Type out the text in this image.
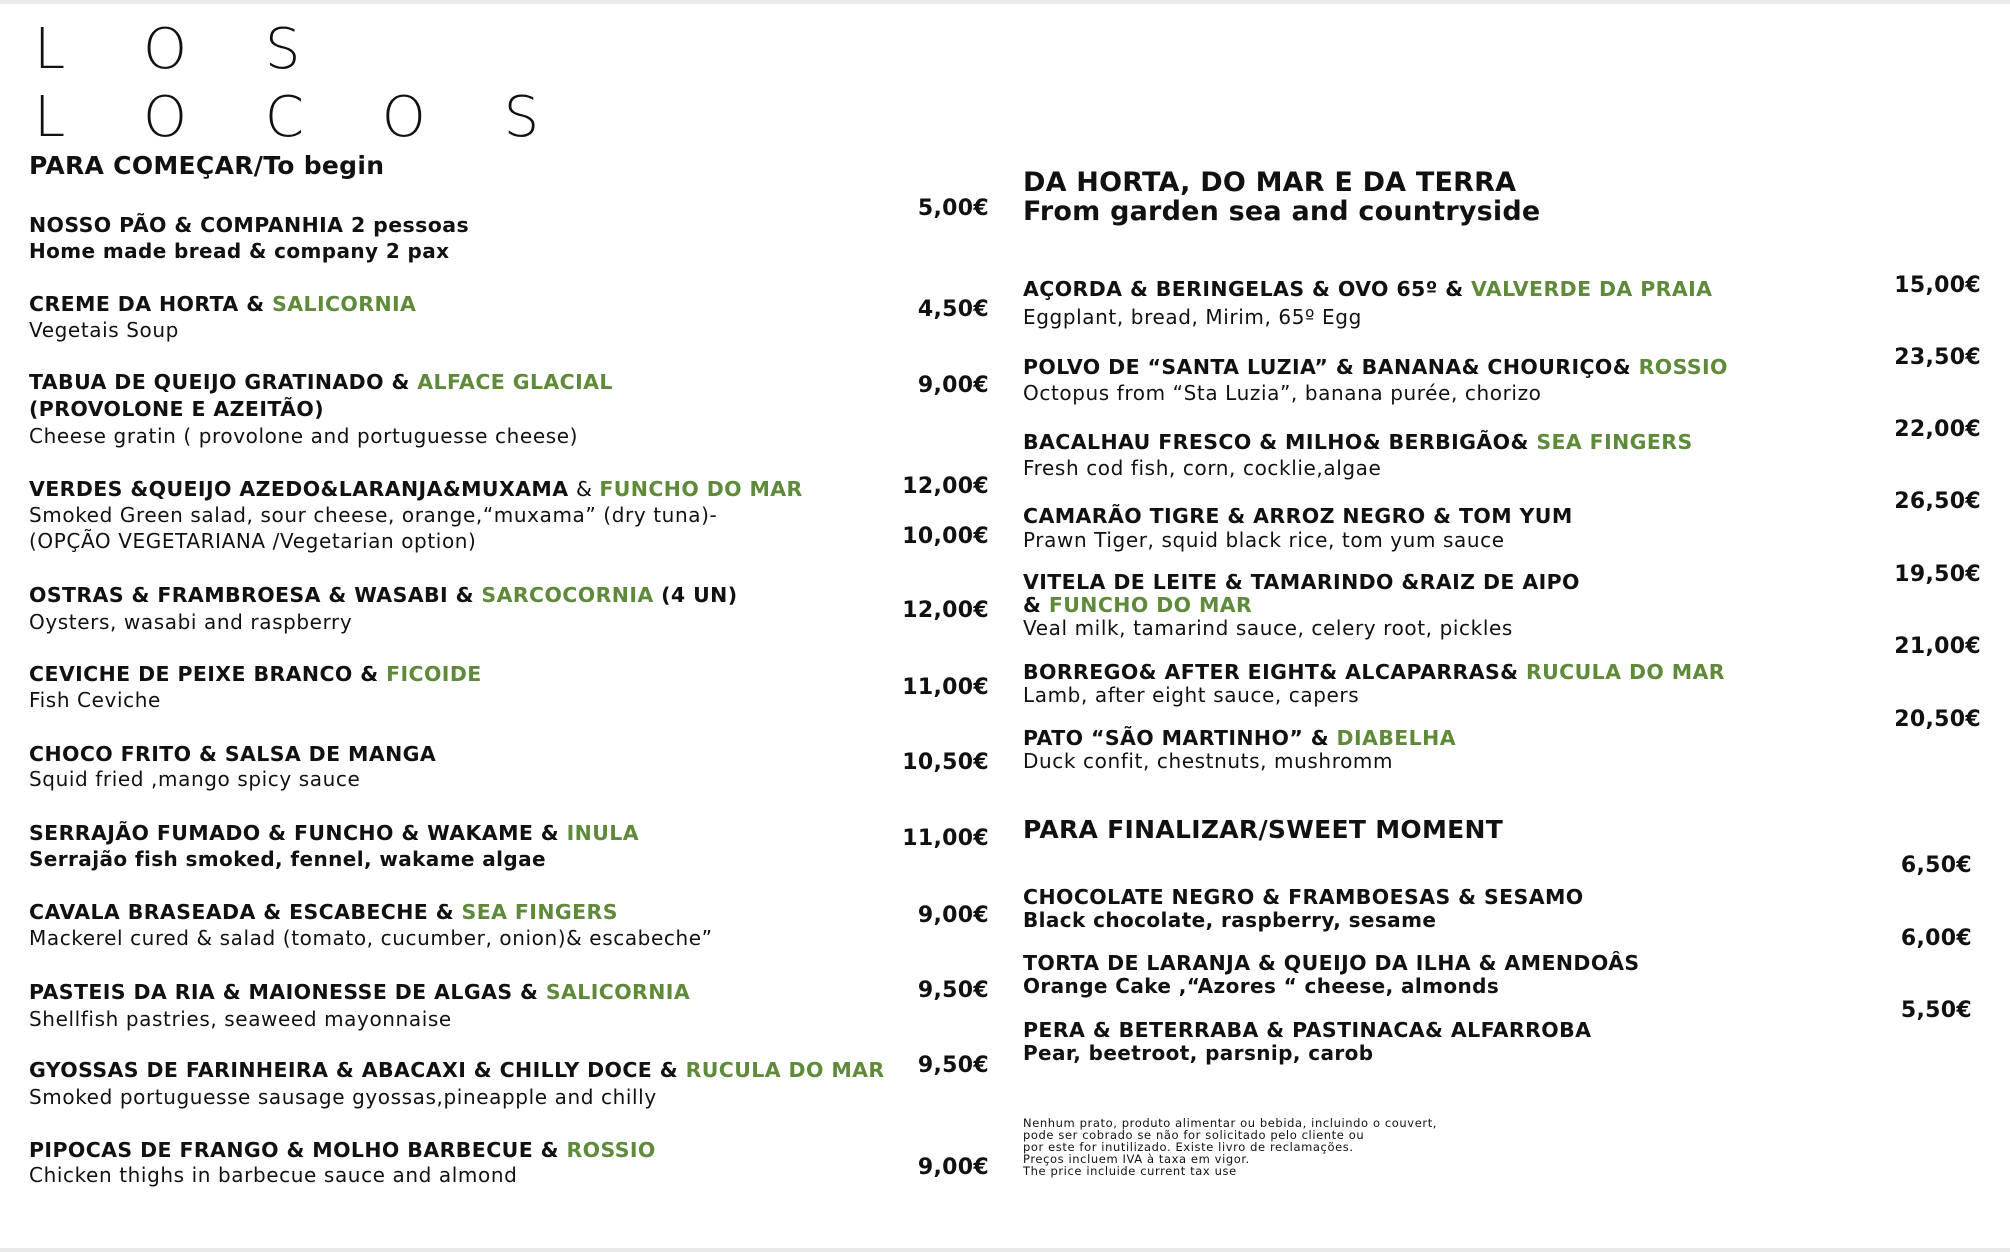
L O S
L O C O S
PARA COMEÇAR/To begin
NOSSO PÃO & COMPANHIA 2 pessoas
Home made bread & company 2 pax
5,00€
CREME DA HORTA & SALICORNIA
Vegetais Soup
4,50€
TABUA DE QUEIJO GRATINADO & ALFACE GLACIAL
(PROVOLONE E AZEITÃO)
Cheese gratin ( provolone and portuguesse cheese)
9,00€
VERDES &QUEIJO AZEDO&LARANJA&MUXAMA & FUNCHO DO MAR
Smoked Green salad, sour cheese, orange,“muxama” (dry tuna)-
(OPÇÃO VEGETARIANA /Vegetarian option)
12,00€
10,00€
OSTRAS & FRAMBROESA & WASABI & SARCOCORNIA (4 UN)
Oysters, wasabi and raspberry	12,00€
CEVICHE DE PEIXE BRANCO & FICOIDE
Fish Ceviche	11,00€
CHOCO FRITO & SALSA DE MANGA
Squid fried ,mango spicy sauce
10,50€
SERRAJÃO FUMADO & FUNCHO & WAKAME & INULA
Serrajão fish smoked, fennel, wakame algae
11,00€
CAVALA BRASEADA & ESCABECHE & SEA FINGERS
Mackerel cured & salad (tomato, cucumber, onion)& escabeche”
9,00€
PASTEIS DA RIA & MAIONESSE DE ALGAS & SALICORNIA
Shellfish pastries, seaweed mayonnaise
9,50€
GYOSSAS DE FARINHEIRA & ABACAXI & CHILLY DOCE & RUCULA DO MAR
Smoked portuguesse sausage gyossas,pineapple and chilly
9,50€
PIPOCAS DE FRANGO & MOLHO BARBECUE & ROSSIO
Chicken thighs in barbecue sauce and almond	9,00€
DA HORTA, DO MAR E DA TERRA
From garden sea and countryside
AÇORDA & BERINGELAS & OVO 65º & VALVERDE DA PRAIA
Eggplant, bread, Mirim, 65º Egg
15,00€
POLVO DE “SANTA LUZIA” & BANANA& CHOURIÇO& ROSSIO
Octopus from “Sta Luzia”, banana purée, chorizo
23,50€
BACALHAU FRESCO & MILHO& BERBIGÃO& SEA FINGERS
Fresh cod fish, corn, cocklie,algae
22,00€
CAMARÃO TIGRE & ARROZ NEGRO & TOM YUM
Prawn Tiger, squid black rice, tom yum sauce
26,50€
VITELA DE LEITE & TAMARINDO &RAIZ DE AIPO
& FUNCHO DO MAR
Veal milk, tamarind sauce, celery root, pickles
19,50€
BORREGO& AFTER EIGHT& ALCAPARRAS& RUCULA DO MAR
Lamb, after eight sauce, capers
21,00€
PATO “SÃO MARTINHO” & DIABELHA
Duck confit, chestnuts, mushromm
20,50€
PARA FINALIZAR/SWEET MOMENT
CHOCOLATE NEGRO & FRAMBOESAS & SESAMO
Black chocolate, raspberry, sesame
6,50€
TORTA DE LARANJA & QUEIJO DA ILHA & AMENDOÂS
Orange Cake ,“Azores “ cheese, almonds
6,00€
PERA & BETERRABA & PASTINACA& ALFARROBA
Pear, beetroot, parsnip, carob
5,50€
Nenhum prato, produto alimentar ou bebida, incluindo o couvert,
pode ser cobrado se não for solicitado pelo cliente ou
por este for inutilizado. Existe livro de reclamações.
Preços incluem IVA à taxa em vigor.
The price incluide current tax use
